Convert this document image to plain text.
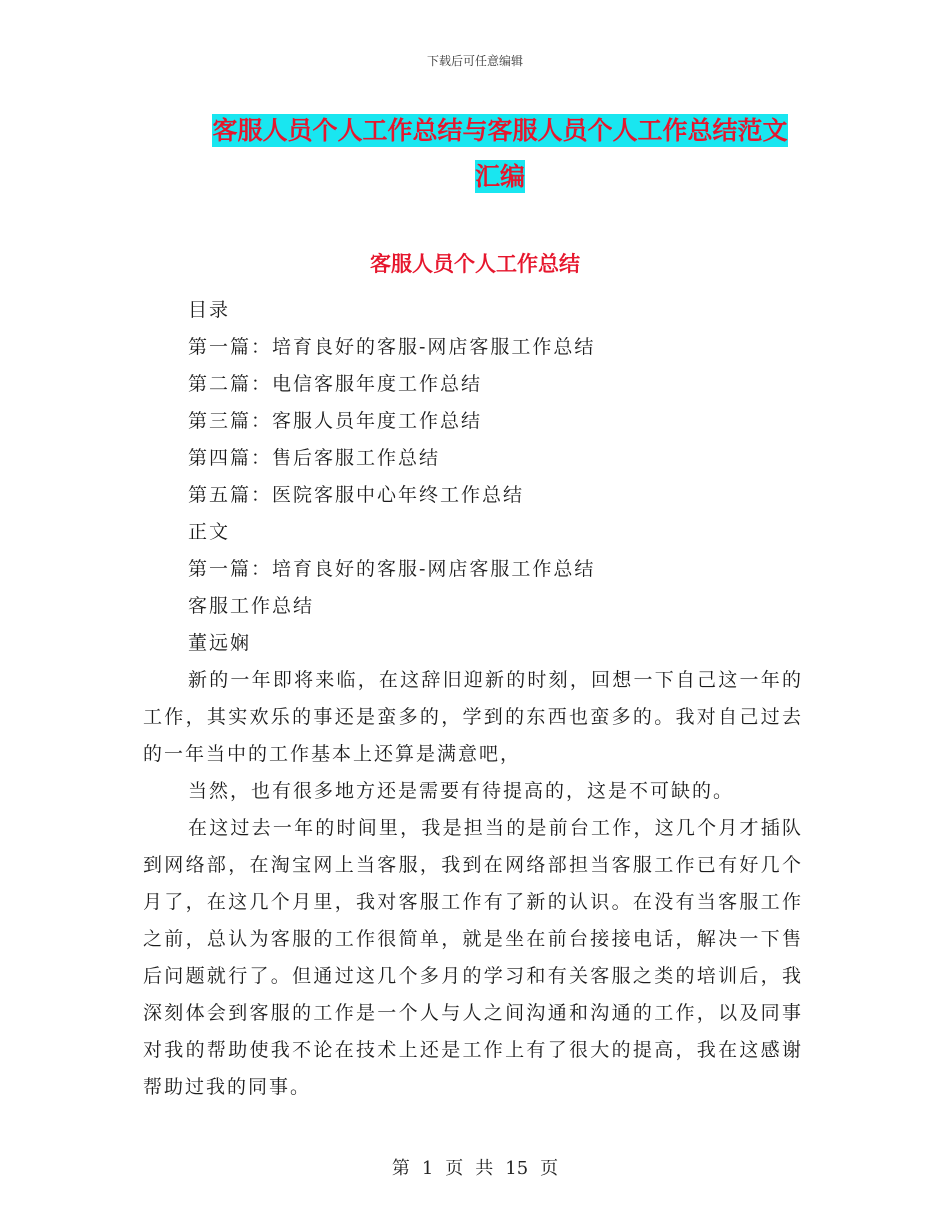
下载后可任意编辑
客服人员个人工作总结与客服人员个人工作总结范文
汇编
客服人员个人工作总结
目录
第一篇：培育良好的客服-网店客服工作总结
第二篇：电信客服年度工作总结
第三篇：客服人员年度工作总结
第四篇：售后客服工作总结
第五篇：医院客服中心年终工作总结
正文
第一篇：培育良好的客服-网店客服工作总结
客服工作总结
董远娴

新的一年即将来临，在这辞旧迎新的时刻，回想一下自己这一年的工作，其实欢乐的事还是蛮多的，学到的东西也蛮多的。我对自己过去的一年当中的工作基本上还算是满意吧，

当然，也有很多地方还是需要有待提高的，这是不可缺的。

在这过去一年的时间里，我是担当的是前台工作，这几个月才插队到网络部，在淘宝网上当客服，我到在网络部担当客服工作已有好几个月了，在这几个月里，我对客服工作有了新的认识。在没有当客服工作之前，总认为客服的工作很简单，就是坐在前台接接电话，解决一下售后问题就行了。但通过这几个多月的学习和有关客服之类的培训后，我深刻体会到客服的工作是一个人与人之间沟通和沟通的工作，以及同事对我的帮助使我不论在技术上还是工作上有了很大的提高，我在这感谢帮助过我的同事。

第 1 页 共 15 页
